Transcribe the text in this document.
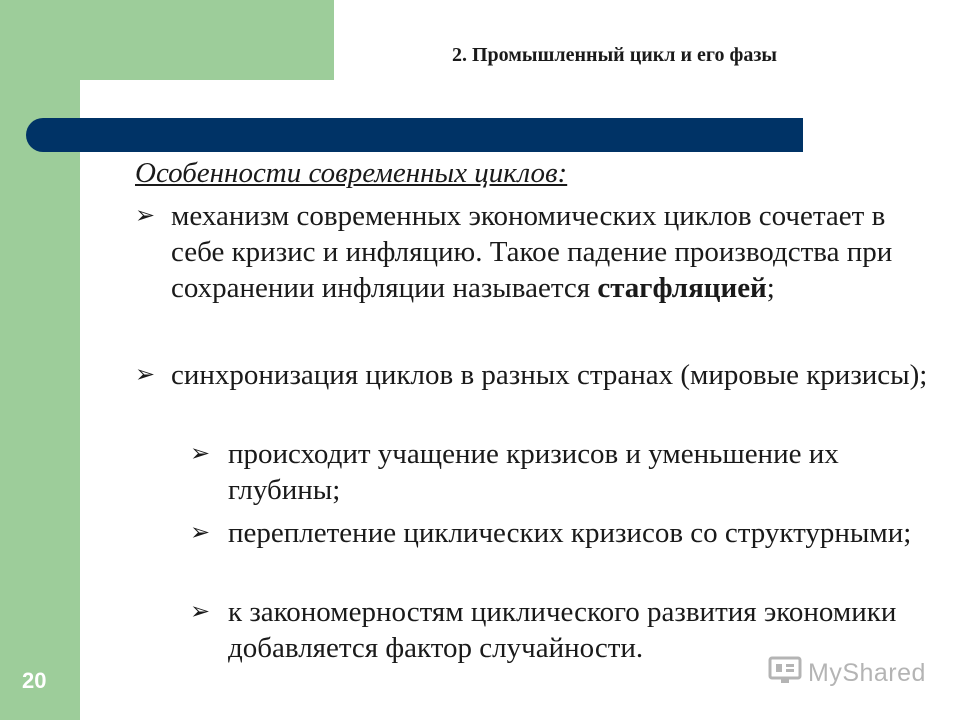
2. Промышленный цикл и его фазы
Особенности современных циклов:
➢ механизм современных экономических циклов сочетает в себе кризис и инфляцию. Такое падение производства при сохранении инфляции называется стагфляцией;
➢ синхронизация циклов в разных странах (мировые кризисы);
➢ происходит учащение кризисов и уменьшение их глубины;
➢ переплетение циклических кризисов со структурными;
➢ к закономерностям циклического развития экономики добавляется фактор случайности.
20	MyShared
